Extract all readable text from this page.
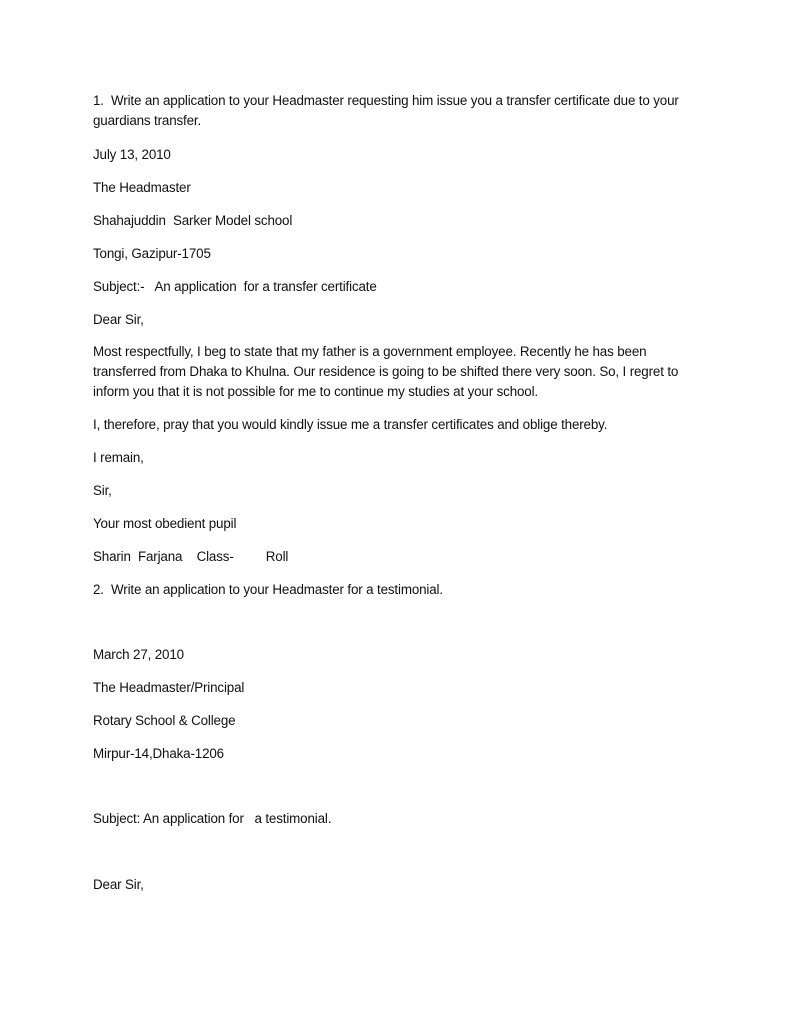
1.  Write an application to your Headmaster requesting him issue you a transfer certificate due to your
guardians transfer.
July 13, 2010
The Headmaster
Shahajuddin  Sarker Model school
Tongi, Gazipur-1705
Subject:-   An application  for a transfer certificate
Dear Sir,
Most respectfully, I beg to state that my father is a government employee. Recently he has been
transferred from Dhaka to Khulna. Our residence is going to be shifted there very soon. So, I regret to
inform you that it is not possible for me to continue my studies at your school.
I, therefore, pray that you would kindly issue me a transfer certificates and oblige thereby.
I remain,
Sir,
Your most obedient pupil
Sharin  Farjana    Class-         Roll
2.  Write an application to your Headmaster for a testimonial.
March 27, 2010
The Headmaster/Principal
Rotary School & College
Mirpur-14,Dhaka-1206
Subject: An application for   a testimonial.
Dear Sir,
